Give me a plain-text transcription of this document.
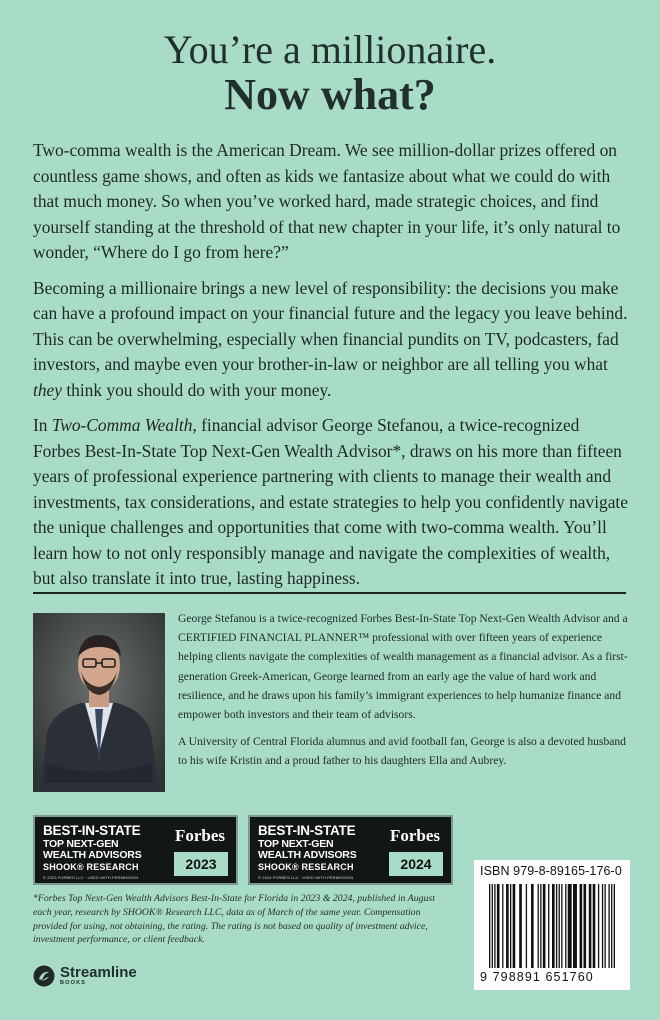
You’re a millionaire.
Now what?

Two-comma wealth is the American Dream. We see million-dollar prizes offered on countless game shows, and often as kids we fantasize about what we could do with that much money. So when you’ve worked hard, made strategic choices, and find yourself standing at the threshold of that new chapter in your life, it’s only natural to wonder, “Where do I go from here?”

Becoming a millionaire brings a new level of responsibility: the decisions you make can have a profound impact on your financial future and the legacy you leave behind. This can be overwhelming, especially when financial pundits on TV, podcasters, fad investors, and maybe even your brother-in-law or neighbor are all telling you what they think you should do with your money.

In Two-Comma Wealth, financial advisor George Stefanou, a twice-recognized Forbes Best-In-State Top Next-Gen Wealth Advisor*, draws on his more than fifteen years of professional experience partnering with clients to manage their wealth and investments, tax considerations, and estate strategies to help you confidently navigate the unique challenges and opportunities that come with two-comma wealth. You’ll learn how to not only responsibly manage and navigate the complexities of wealth, but also translate it into true, lasting happiness.

George Stefanou is a twice-recognized Forbes Best-In-State Top Next-Gen Wealth Advisor and a CERTIFIED FINANCIAL PLANNER™ professional with over fifteen years of experience helping clients navigate the complexities of wealth management as a financial advisor. As a first-generation Greek-American, George learned from an early age the value of hard work and resilience, and he draws upon his family’s immigrant experiences to help humanize finance and empower both investors and their team of advisors.

A University of Central Florida alumnus and avid football fan, George is also a devoted husband to his wife Kristin and a proud father to his daughters Ella and Aubrey.

BEST-IN-STATE
TOP NEXT-GEN
WEALTH ADVISORS
SHOOK® RESEARCH
© 2023 FORBES LLC · USED WITH PERMISSION
Forbes
2023
BEST-IN-STATE
TOP NEXT-GEN
WEALTH ADVISORS
SHOOK® RESEARCH
© 2024 FORBES LLC · USED WITH PERMISSION
Forbes
2024
*Forbes Top Next-Gen Wealth Advisors Best-In-State for Florida in 2023 & 2024, published in August each year, research by SHOOK® Research LLC, data as of March of the same year. Compensation provided for using, not obtaining, the rating. The rating is not based on quality of investment advice, investment performance, or client feedback.
Streamline
BOOKS
ISBN 979-8-89165-176-0
9 798891 651760
